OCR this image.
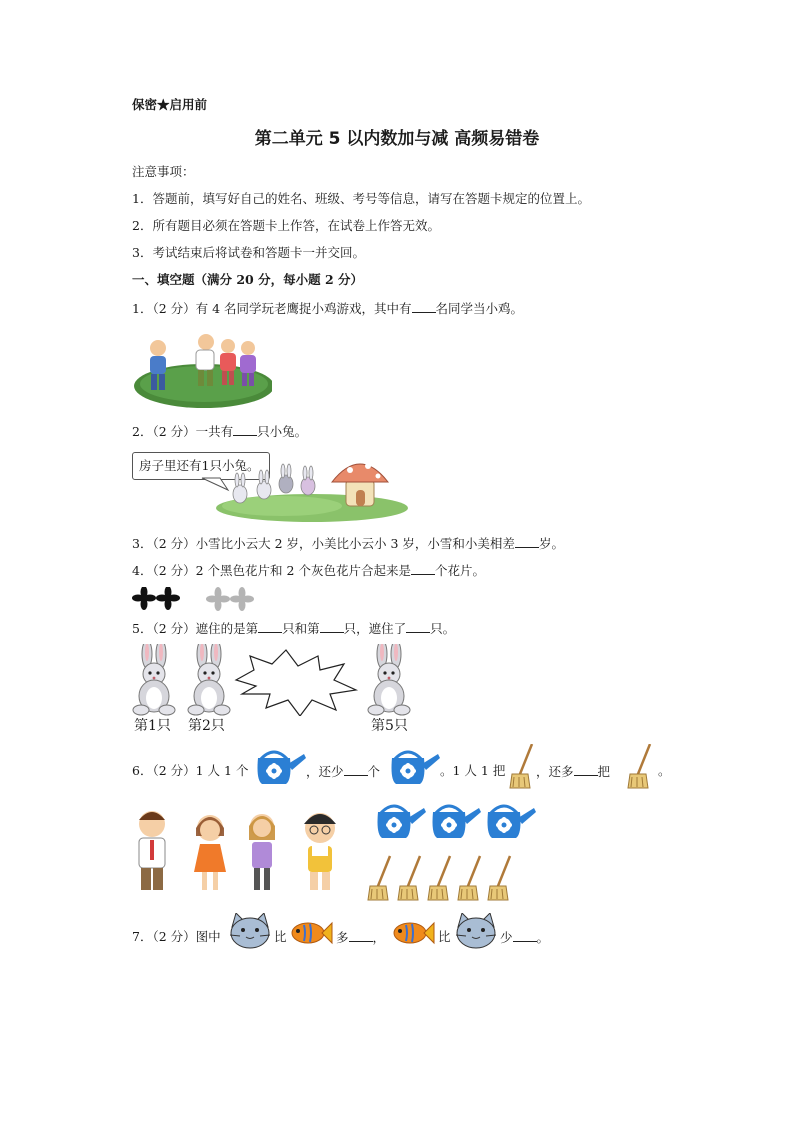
保密★启用前
第二单元 5 以内数加与减 高频易错卷
注意事项：
1．答题前，填写好自己的姓名、班级、考号等信息，请写在答题卡规定的位置上。
2．所有题目必须在答题卡上作答，在试卷上作答无效。
3．考试结束后将试卷和答题卡一并交回。
一、填空题（满分 20 分，每小题 2 分）
1．（2 分）有 4 名同学玩老鹰捉小鸡游戏，其中有 名同学当小鸡。
2．（2 分）一共有 只小兔。
房子里还有1只小兔。
3．（2 分）小雪比小云大 2 岁，小美比小云小 3 岁，小雪和小美相差 岁。
4．（2 分）2 个黑色花片和 2 个灰色花片合起来是 个花片。
5．（2 分）遮住的是第 只和第 只，遮住了 只。
第1只 第2只	第5只
6．（2 分）1 人 1 个	，还少 个	。1 人 1 把 ，还多 把	。
7．（2 分）图中	比	多 ，	比	少 。
